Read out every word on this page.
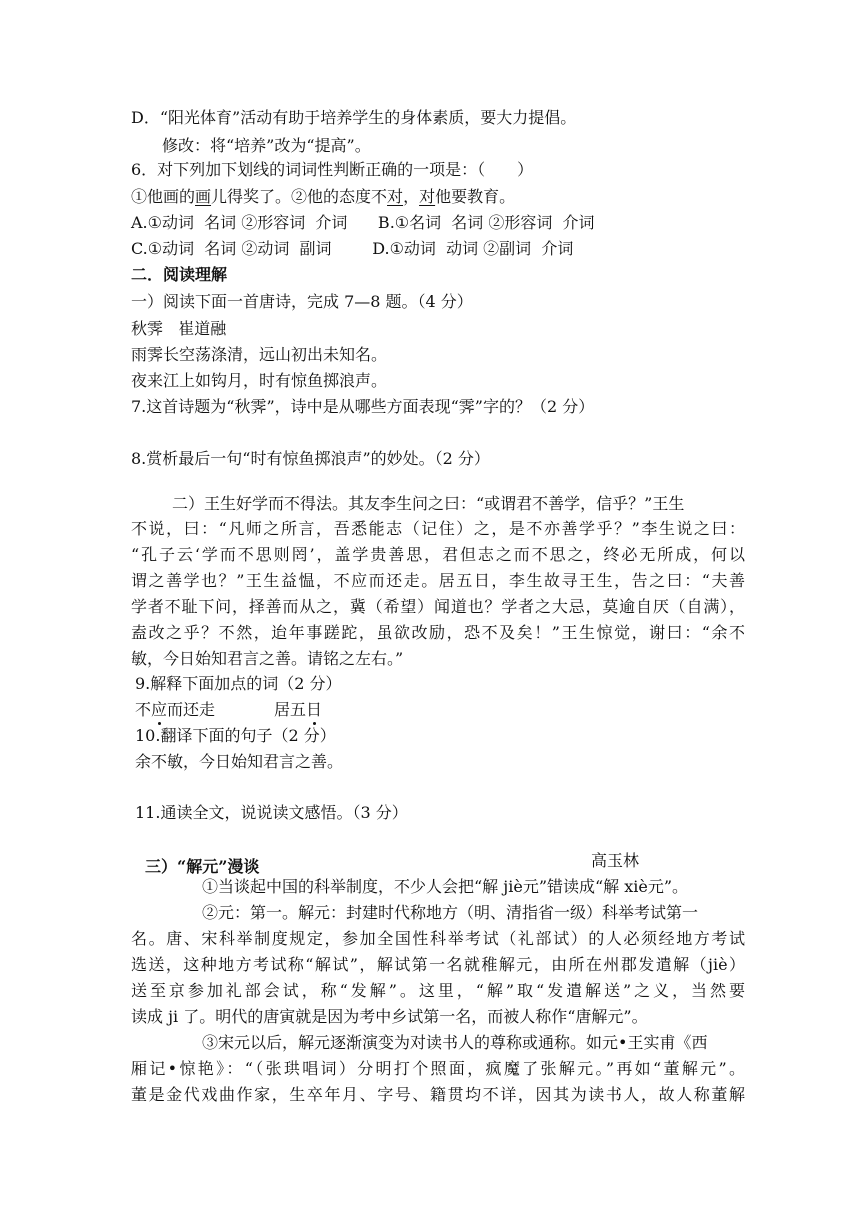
D．“阳光体育”活动有助于培养学生的身体素质，要大力提倡。
修改：将“培养”改为“提高”。
6．对下列加下划线的词词性判断正确的一项是：（　　）
①他画的画儿得奖了。②他的态度不对，对他要教育。
A.①动词  名词 ②形容词  介词      B.①名词  名词 ②形容词  介词
C.①动词  名词 ②动词  副词        D.①动词  动词 ②副词  介词
二．阅读理解
一）阅读下面一首唐诗，完成 7—8 题。（4 分）
秋霁   崔道融
雨霁长空荡涤清，远山初出未知名。
夜来江上如钩月，时有惊鱼掷浪声。
7.这首诗题为“秋霁”，诗中是从哪些方面表现“霁”字的？（2 分）
8.赏析最后一句“时有惊鱼掷浪声”的妙处。（2 分）
二）王生好学而不得法。其友李生问之曰：“或谓君不善学，信乎？”王生
不说，曰：“凡师之所言，吾悉能志（记住）之，是不亦善学乎？”李生说之曰：
“孔子云‘学而不思则罔’，盖学贵善思，君但志之而不思之，终必无所成，何以
谓之善学也？”王生益愠，不应而还走。居五日，李生故寻王生，告之曰：“夫善
学者不耻下问，择善而从之，冀（希望）闻道也？学者之大忌，莫逾自厌（自满），
盍改之乎？不然，迨年事蹉跎，虽欲改励，恐不及矣！”王生惊觉，谢曰：“余不
敏，今日始知君言之善。请铭之左右。”
9.解释下面加点的词（2 分）
不应而还走	居五日
10.翻译下面的句子（2 分）
余不敏，今日始知君言之善。
11.通读全文，说说读文感悟。（3 分）
三）“解元”漫谈	高玉林
①当谈起中国的科举制度，不少人会把“解 jiè元”错读成“解 xiè元”。
②元：第一。解元：封建时代称地方（明、清指省一级）科举考试第一
名。唐、宋科举制度规定，参加全国性科举考试（礼部试）的人必须经地方考试
选送，这种地方考试称“解试”，解试第一名就稚解元，由所在州郡发遣解（jiè）
送至京参加礼部会试，称“发解”。这里，“解”取“发遣解送”之义，当然要
读成 ji 了。明代的唐寅就是因为考中乡试第一名，而被人称作“唐解元”。
③宋元以后，解元逐渐演变为对读书人的尊称或通称。如元•王实甫《西
厢记•惊艳》：“（张珙唱词）分明打个照面，疯魔了张解元。”再如“董解元”。
董是金代戏曲作家，生卒年月、字号、籍贯均不详，因其为读书人，故人称董解
